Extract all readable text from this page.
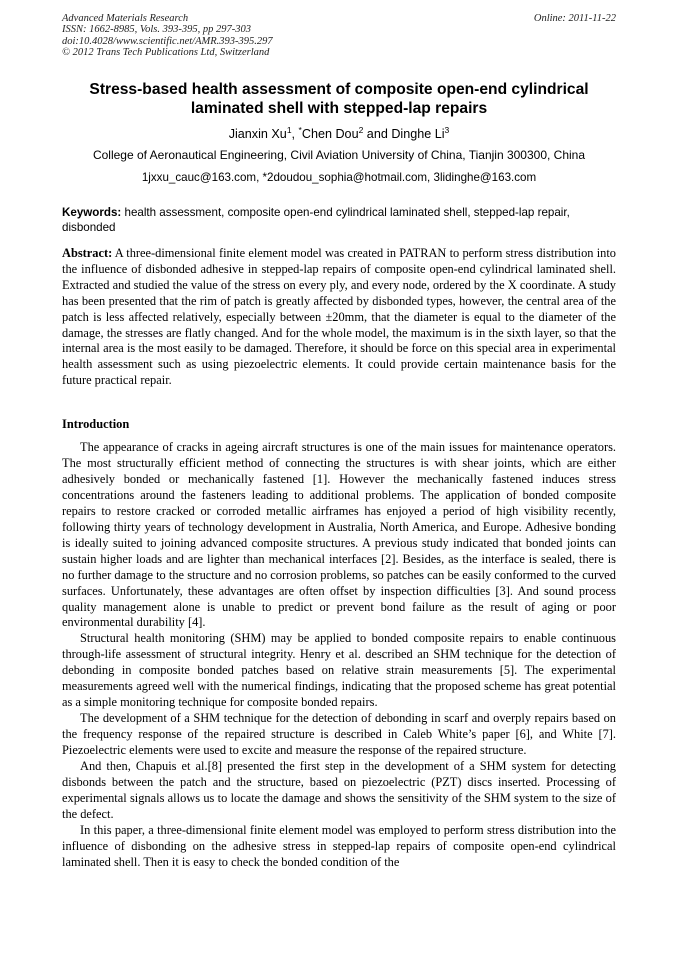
Advanced Materials Research
ISSN: 1662-8985, Vols. 393-395, pp 297-303
doi:10.4028/www.scientific.net/AMR.393-395.297
© 2012 Trans Tech Publications Ltd, Switzerland
Online: 2011-11-22
Stress-based health assessment of composite open-end cylindrical laminated shell with stepped-lap repairs
Jianxin Xu$^1$, *Chen Dou$^2$ and Dinghe Li$^3$
College of Aeronautical Engineering, Civil Aviation University of China, Tianjin 300300, China
1jxxu_cauc@163.com, *2doudou_sophia@hotmail.com, 3lidinghe@163.com
Keywords: health assessment, composite open-end cylindrical laminated shell, stepped-lap repair, disbonded
Abstract: A three-dimensional finite element model was created in PATRAN to perform stress distribution into the influence of disbonded adhesive in stepped-lap repairs of composite open-end cylindrical laminated shell. Extracted and studied the value of the stress on every ply, and every node, ordered by the X coordinate. A study has been presented that the rim of patch is greatly affected by disbonded types, however, the central area of the patch is less affected relatively, especially between ±20mm, that the diameter is equal to the diameter of the damage, the stresses are flatly changed. And for the whole model, the maximum is in the sixth layer, so that the internal area is the most easily to be damaged. Therefore, it should be force on this special area in experimental health assessment such as using piezoelectric elements. It could provide certain maintenance basis for the future practical repair.
Introduction

The appearance of cracks in ageing aircraft structures is one of the main issues for maintenance operators. The most structurally efficient method of connecting the structures is with shear joints, which are either adhesively bonded or mechanically fastened [1]. However the mechanically fastened induces stress concentrations around the fasteners leading to additional problems. The application of bonded composite repairs to restore cracked or corroded metallic airframes has enjoyed a period of high visibility recently, following thirty years of technology development in Australia, North America, and Europe. Adhesive bonding is ideally suited to joining advanced composite structures. A previous study indicated that bonded joints can sustain higher loads and are lighter than mechanical interfaces [2]. Besides, as the interface is sealed, there is no further damage to the structure and no corrosion problems, so patches can be easily conformed to the curved surfaces. Unfortunately, these advantages are often offset by inspection difficulties [3]. And sound process quality management alone is unable to predict or prevent bond failure as the result of aging or poor environmental durability [4].

Structural health monitoring (SHM) may be applied to bonded composite repairs to enable continuous through-life assessment of structural integrity. Henry et al. described an SHM technique for the detection of debonding in composite bonded patches based on relative strain measurements [5]. The experimental measurements agreed well with the numerical findings, indicating that the proposed scheme has great potential as a simple monitoring technique for composite bonded repairs.

The development of a SHM technique for the detection of debonding in scarf and overply repairs based on the frequency response of the repaired structure is described in Caleb White’s paper [6], and White [7]. Piezoelectric elements were used to excite and measure the response of the repaired structure.

And then, Chapuis et al.[8] presented the first step in the development of a SHM system for detecting disbonds between the patch and the structure, based on piezoelectric (PZT) discs inserted. Processing of experimental signals allows us to locate the damage and shows the sensitivity of the SHM system to the size of the defect.

In this paper, a three-dimensional finite element model was employed to perform stress distribution into the influence of disbonding on the adhesive stress in stepped-lap repairs of composite open-end cylindrical laminated shell. Then it is easy to check the bonded condition of the
